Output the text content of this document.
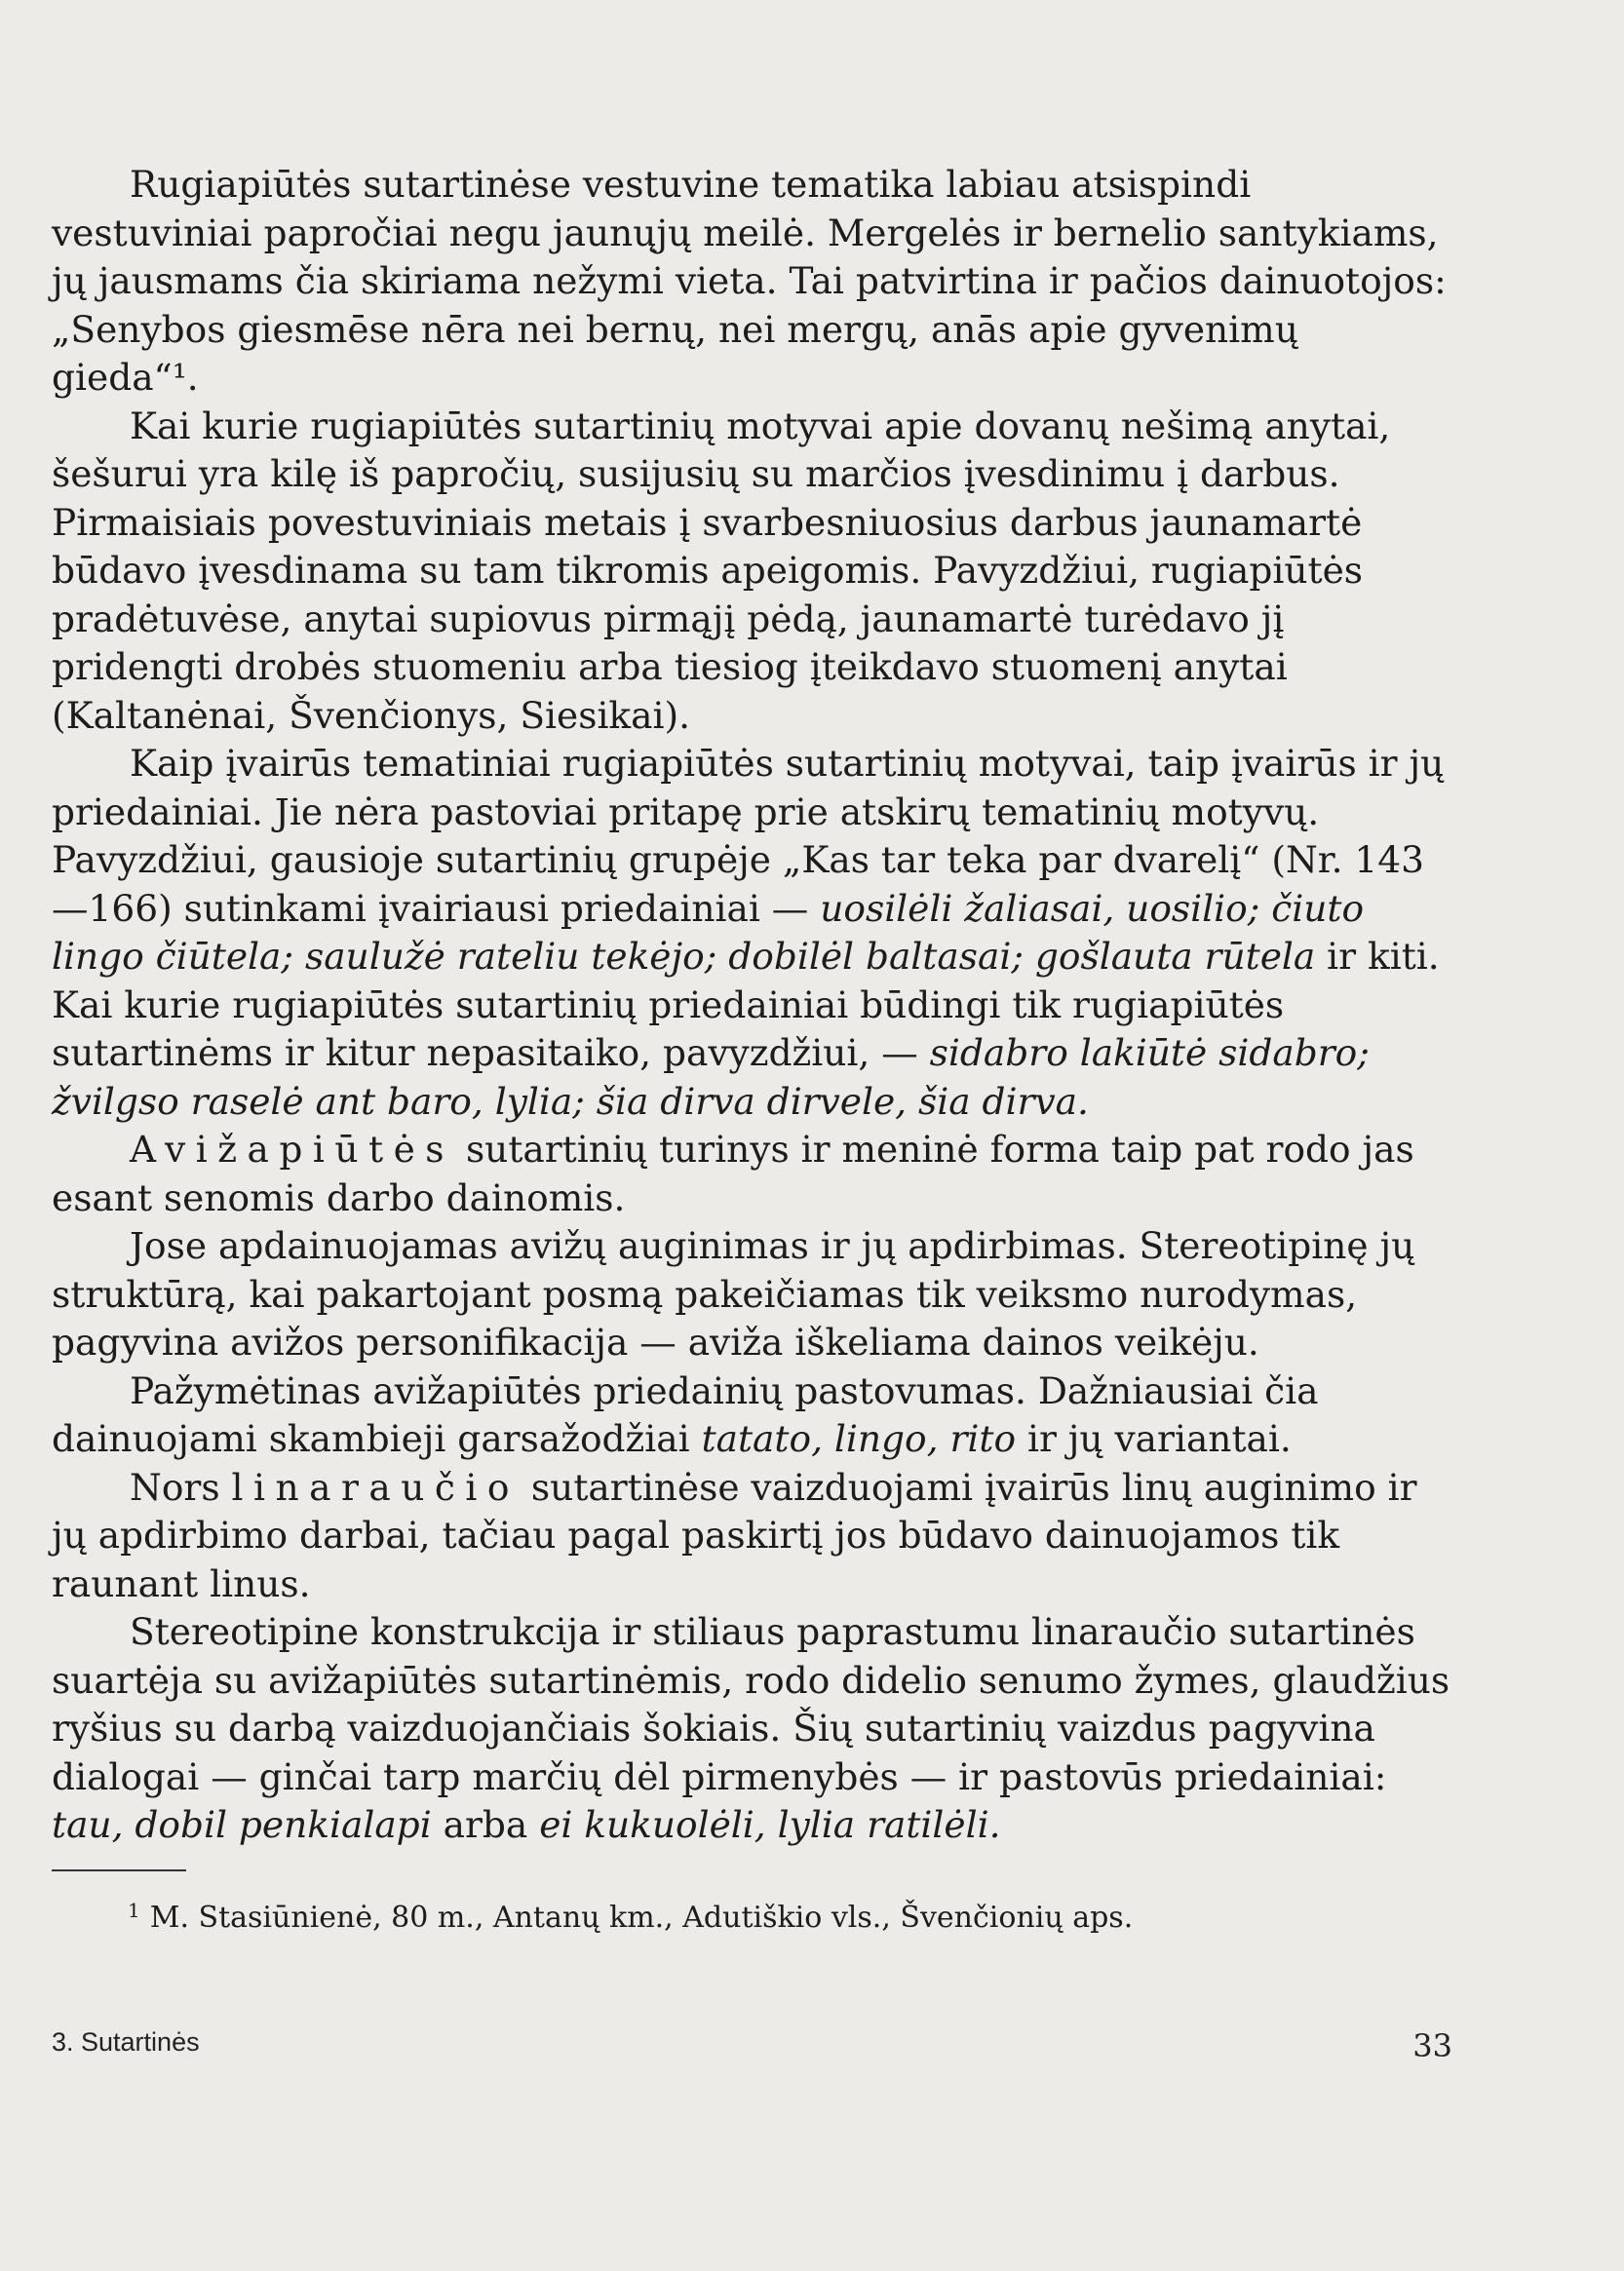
Rugiapiūtės sutartinėse vestuvine tematika labiau atsispindi vestuviniai papročiai negu jaunųjų meilė. Mergelės ir bernelio santykiams, jų jausmams čia skiriama nežymi vieta. Tai patvirtina ir pačios dainuotojos: „Senybos giesmēse nēra nei bernų, nei mergų, anās apie gyvenimų gieda“¹.

Kai kurie rugiapiūtės sutartinių motyvai apie dovanų nešimą anytai, šešurui yra kilę iš papročių, susijusių su marčios įvesdinimu į darbus. Pirmaisiais povestuviniais metais į svarbesniuosius darbus jaunamartė būdavo įvesdinama su tam tikromis apeigomis. Pavyzdžiui, rugiapiūtės pradėtuvėse, anytai supiovus pirmąjį pėdą, jaunamartė turėdavo jį pridengti drobės stuomeniu arba tiesiog įteikdavo stuomenį anytai (Kaltanėnai, Švenčionys, Siesikai).

Kaip įvairūs tematiniai rugiapiūtės sutartinių motyvai, taip įvairūs ir jų priedainiai. Jie nėra pastoviai pritapę prie atskirų tematinių motyvų. Pavyzdžiui, gausioje sutartinių grupėje „Kas tar teka par dvarelį“ (Nr. 143—166) sutinkami įvairiausi priedainiai — uosilėli žaliasai, uosilio; čiuto lingo čiūtela; saulužė rateliu tekėjo; dobilėl baltasai; gošlauta rūtela ir kiti. Kai kurie rugiapiūtės sutartinių priedainiai būdingi tik rugiapiūtės sutartinėms ir kitur nepasitaiko, pavyzdžiui, — sidabro lakiūtė sidabro; žvilgso raselė ant baro, lylia; šia dirva dirvele, šia dirva.

Avižapiūtės sutartinių turinys ir meninė forma taip pat rodo jas esant senomis darbo dainomis.

Jose apdainuojamas avižų auginimas ir jų apdirbimas. Stereotipinę jų struktūrą, kai pakartojant posmą pakeičiamas tik veiksmo nurodymas, pagyvina avižos personifikacija — aviža iškeliama dainos veikėju.

Pažymėtinas avižapiūtės priedainių pastovumas. Dažniausiai čia dainuojami skambieji garsažodžiai tatato, lingo, rito ir jų variantai.

Nors linaraučio sutartinėse vaizduojami įvairūs linų auginimo ir jų apdirbimo darbai, tačiau pagal paskirtį jos būdavo dainuojamos tik raunant linus.

Stereotipine konstrukcija ir stiliaus paprastumu linaraučio sutartinės suartėja su avižapiūtės sutartinėmis, rodo didelio senumo žymes, glaudžius ryšius su darbą vaizduojančiais šokiais. Šių sutartinių vaizdus pagyvina dialogai — ginčai tarp marčių dėl pirmenybės — ir pastovūs priedainiai: tau, dobil penkialapi arba ei kukuolėli, lylia ratilėli.

$^1$ M. Stasiūnienė, 80 m., Antanų km., Adutiškio vls., Švenčionių aps.
3. Sutartinės	33
